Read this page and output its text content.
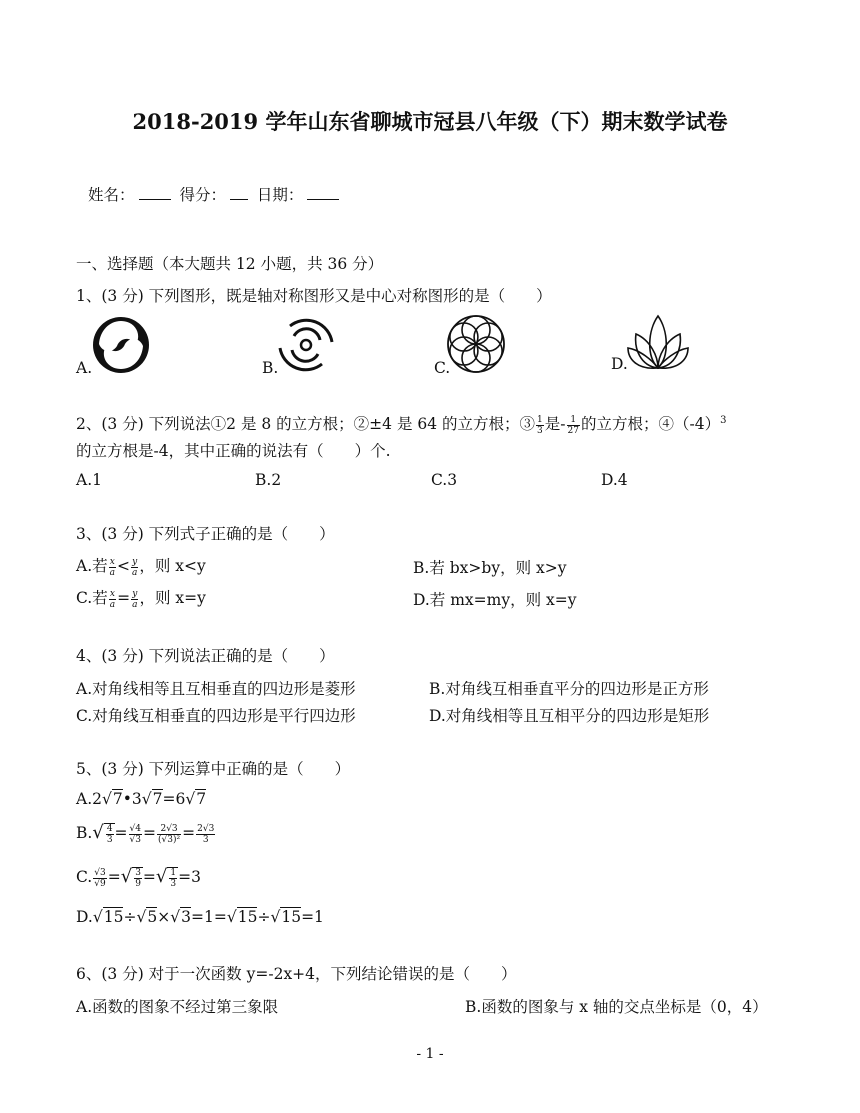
2018-2019 学年山东省聊城市冠县八年级（下）期末数学试卷
姓名：	得分： 日期：
一、选择题（本大题共 12 小题，共 36 分）
1、(3 分) 下列图形，既是轴对称图形又是中心对称图形的是（　　）
A.	B.	C.	D.
2、(3 分) 下列说法①2 是 8 的立方根；②±4 是 64 的立方根；③ $\frac{1}{3}$ 是- $\frac{1}{27}$ 的立方根；$④(-4)^3$
的立方根是-4，其中正确的说法有（　　）个.
A.1	B.2	C.3	D.4
3、(3 分) 下列式子正确的是（　　）
A.若 $\frac{x}{a} < \frac{y}{a}$ ，则 x<y	B.若 bx>by，则 x>y
C.若 $\frac{x}{a} = \frac{y}{a}$ ，则 x=y	D.若 mx=my，则 x=y
4、(3 分) 下列说法正确的是（　　）
A.对角线相等且互相垂直的四边形是菱形	B.对角线互相垂直平分的四边形是正方形
C.对角线互相垂直的四边形是平行四边形	D.对角线相等且互相平分的四边形是矩形
5、(3 分) 下列运算中正确的是（　　）
A.2√7•3√7=6√7
$B.√ \frac{4}{3} = \frac{√4}{√3} = \frac{2√3}{\text{(√3)²}} = \frac{2√3}{3}$
C. $\frac{√3}{√9}$ =√ $\frac{3}{9}$ =√ $\frac{1}{3} =3$
D.√15÷√5×√3=1=√15÷√15=1
6、(3 分) 对于一次函数 y=-2x+4，下列结论错误的是（　　）
A.函数的图象不经过第三象限	B.函数的图象与 x 轴的交点坐标是（0，4）
- 1 -
